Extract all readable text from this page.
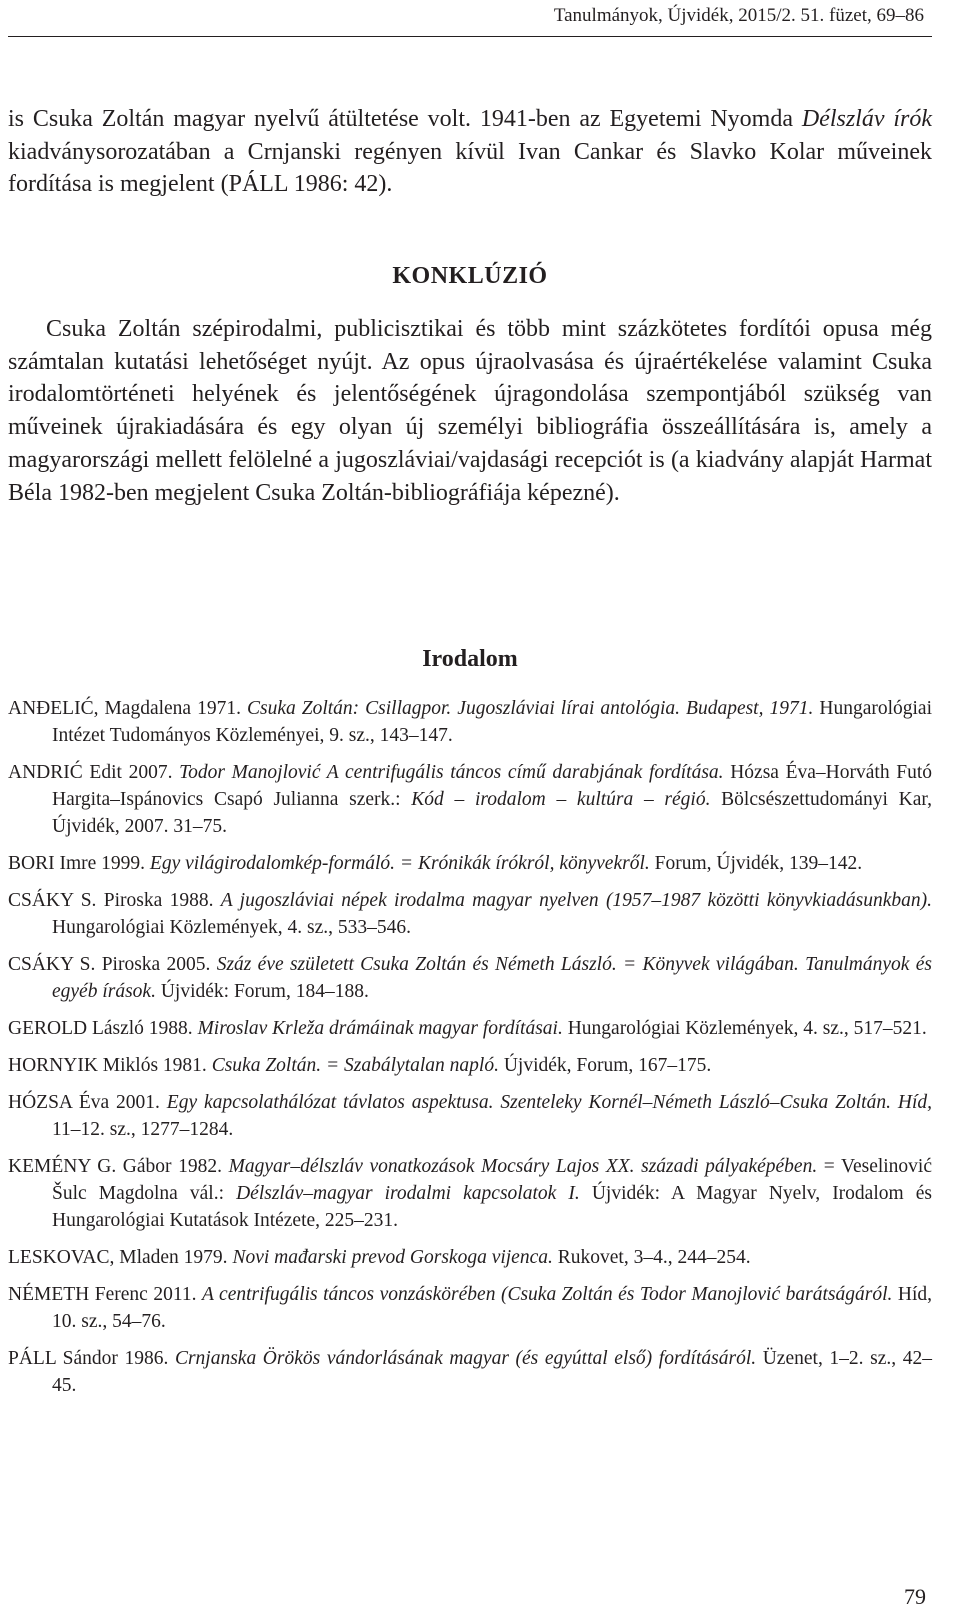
Tanulmányok, Újvidék, 2015/2. 51. füzet, 69–86

is Csuka Zoltán magyar nyelvű átültetése volt. 1941-ben az Egyetemi Nyomda Délszláv írók kiadványsorozatában a Crnjanski regényen kívül Ivan Cankar és Slavko Kolar műveinek fordítása is megjelent (PÁLL 1986: 42).

KONKLÚZIÓ

Csuka Zoltán szépirodalmi, publicisztikai és több mint százkötetes fordítói opusa még számtalan kutatási lehetőséget nyújt. Az opus újraolvasása és újraértékelése valamint Csuka irodalomtörténeti helyének és jelentőségének újragondolása szempontjából szükség van műveinek újrakiadására és egy olyan új személyi bibliográfia összeállítására is, amely a magyarországi mellett felölelné a jugoszláviai/vajdasági recepciót is (a kiadvány alapját Harmat Béla 1982-ben megjelent Csuka Zoltán-bibliográfiája képezné).

Irodalom

ANĐELIĆ, Magdalena 1971. Csuka Zoltán: Csillagpor. Jugoszláviai lírai antológia. Budapest, 1971. Hungarológiai Intézet Tudományos Közleményei, 9. sz., 143‒147.

ANDRIĆ Edit 2007. Todor Manojlović A centrifugális táncos című darabjának fordítása. Hózsa Éva‒Horváth Futó Hargita‒Ispánovics Csapó Julianna szerk.: Kód ‒ irodalom ‒ kultúra ‒ régió. Bölcsészettudományi Kar, Újvidék, 2007. 31‒75.

BORI Imre 1999. Egy világirodalomkép-formáló. = Krónikák írókról, könyvekről. Forum, Újvidék, 139‒142.

CSÁKY S. Piroska 1988. A jugoszláviai népek irodalma magyar nyelven (1957‒1987 közötti könyvkiadásunkban). Hungarológiai Közlemények, 4. sz., 533‒546.

CSÁKY S. Piroska 2005. Száz éve született Csuka Zoltán és Németh László. = Könyvek világában. Tanulmányok és egyéb írások. Újvidék: Forum, 184‒188.

GEROLD László 1988. Miroslav Krleža drámáinak magyar fordításai. Hungarológiai Közlemények, 4. sz., 517‒521.

HORNYIK Miklós 1981. Csuka Zoltán. = Szabálytalan napló. Újvidék, Forum, 167‒175.

HÓZSA Éva 2001. Egy kapcsolathálózat távlatos aspektusa. Szenteleky Kornél‒Németh László‒Csuka Zoltán. Híd, 11‒12. sz., 1277‒1284.

KEMÉNY G. Gábor 1982. Magyar‒délszláv vonatkozások Mocsáry Lajos XX. századi pályaképében. = Veselinović Šulc Magdolna vál.: Délszláv‒magyar irodalmi kapcsolatok I. Újvidék: A Magyar Nyelv, Irodalom és Hungarológiai Kutatások Intézete, 225‒231.

LESKOVAC, Mladen 1979. Novi mađarski prevod Gorskoga vijenca. Rukovet, 3‒4., 244‒254.

NÉMETH Ferenc 2011. A centrifugális táncos vonzáskörében (Csuka Zoltán és Todor Manojlović barátságáról. Híd, 10. sz., 54‒76.

PÁLL Sándor 1986. Crnjanska Örökös vándorlásának magyar (és egyúttal első) fordításáról. Üzenet, 1‒2. sz., 42‒45.

79
